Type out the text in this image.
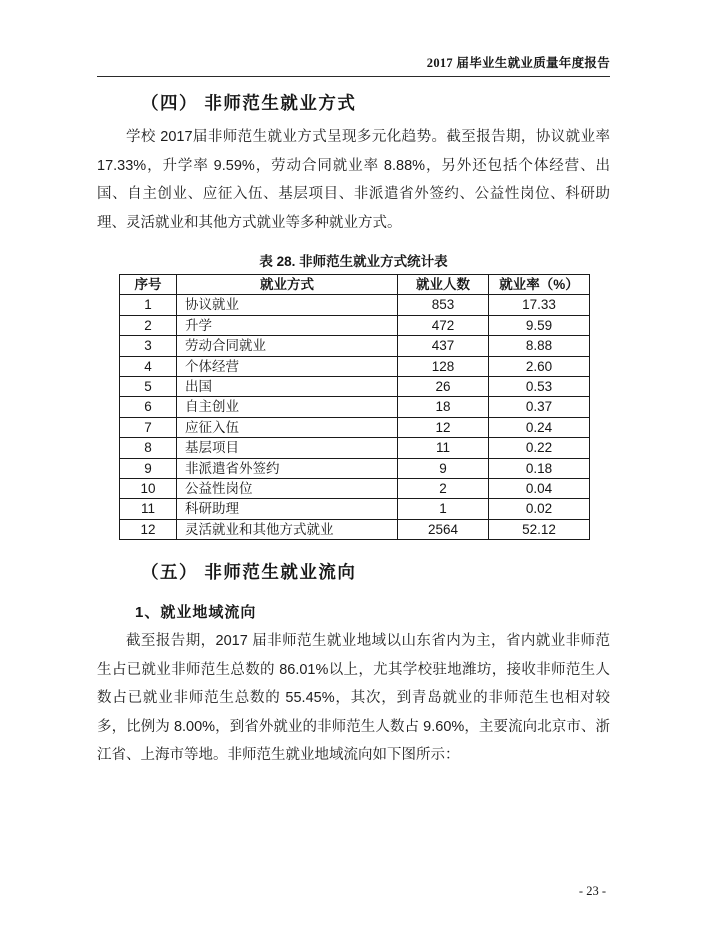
2017 届毕业生就业质量年度报告
（四） 非师范生就业方式

学校 2017届非师范生就业方式呈现多元化趋势。截至报告期，协议就业率 17.33%，升学率 9.59%，劳动合同就业率 8.88%，另外还包括个体经营、出国、自主创业、应征入伍、基层项目、非派遣省外签约、公益性岗位、科研助理、灵活就业和其他方式就业等多种就业方式。

表 28. 非师范生就业方式统计表
序号	就业方式	就业人数	就业率（%）
1	协议就业	853	17.33
2	升学	472	9.59
3	劳动合同就业	437	8.88
4	个体经营	128	2.60
5	出国	26	0.53
6	自主创业	18	0.37
7	应征入伍	12	0.24
8	基层项目	11	0.22
9	非派遣省外签约	9	0.18
10	公益性岗位	2	0.04
11	科研助理	1	0.02
12	灵活就业和其他方式就业	2564	52.12
（五） 非师范生就业流向
1、就业地域流向

截至报告期，2017 届非师范生就业地域以山东省内为主，省内就业非师范生占已就业非师范生总数的 86.01%以上，尤其学校驻地潍坊，接收非师范生人数占已就业非师范生总数的 55.45%，其次，到青岛就业的非师范生也相对较多，比例为 8.00%，到省外就业的非师范生人数占 9.60%，主要流向北京市、浙江省、上海市等地。非师范生就业地域流向如下图所示：

- 23 -
